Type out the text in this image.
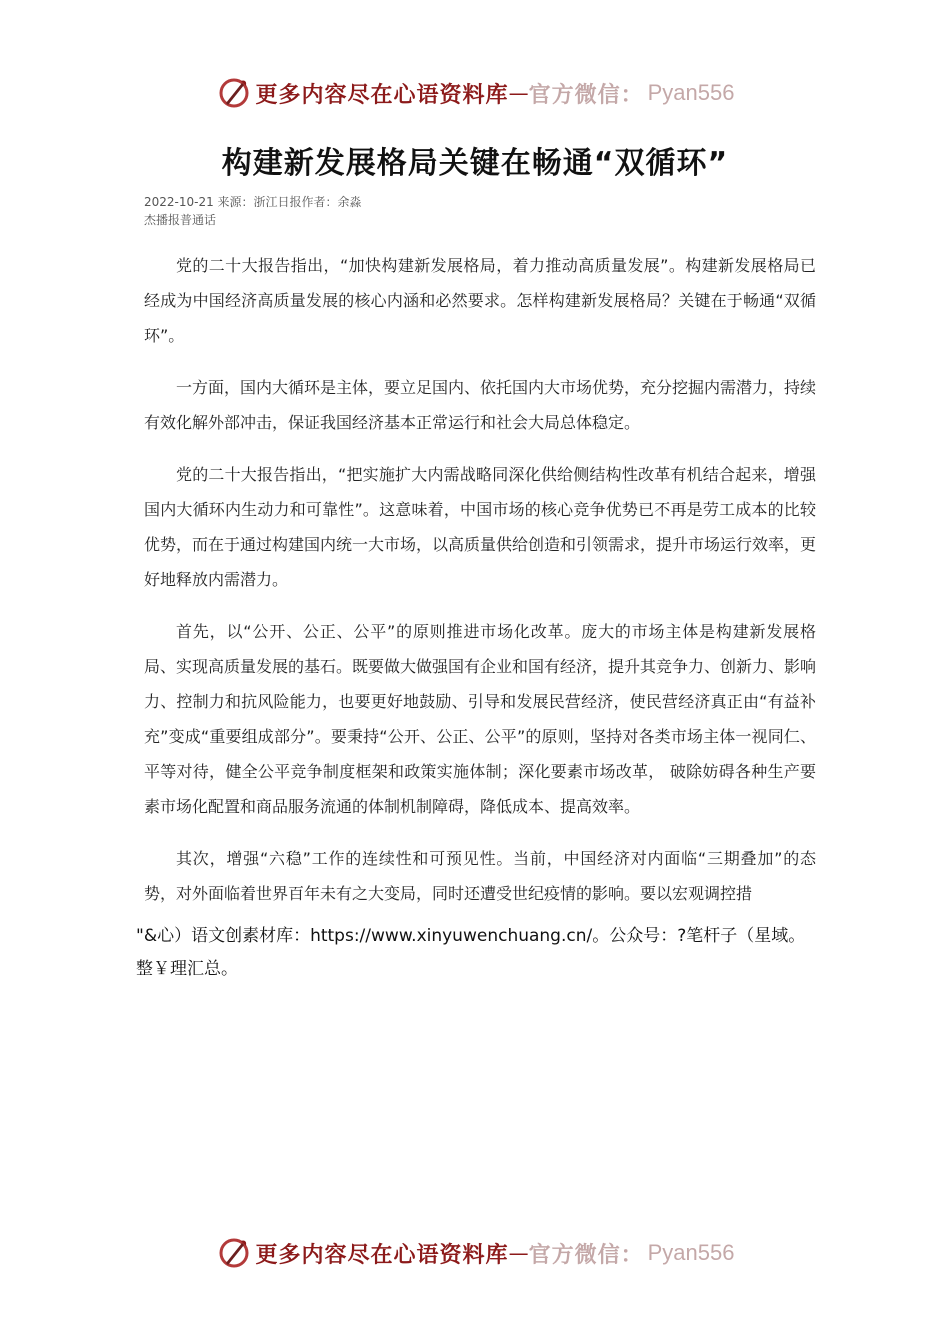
更多内容尽在心语资料库 — 官方微信： Pyan556
构建新发展格局关键在畅通“双循环”
2022-10-21 来源：浙江日报作者：余淼
杰播报普通话

党的二十大报告指出，“加快构建新发展格局，着力推动高质量发展”。构建新发展格局已经成为中国经济高质量发展的核心内涵和必然要求。怎样构建新发展格局？关键在于畅通“双循环”。

一方面，国内大循环是主体，要立足国内、依托国内大市场优势，充分挖掘内需潜力，持续有效化解外部冲击，保证我国经济基本正常运行和社会大局总体稳定。

党的二十大报告指出，“把实施扩大内需战略同深化供给侧结构性改革有机结合起来，增强国内大循环内生动力和可靠性”。这意味着，中国市场的核心竞争优势已不再是劳工成本的比较优势，而在于通过构建国内统一大市场，以高质量供给创造和引领需求，提升市场运行效率，更好地释放内需潜力。

首先，以“公开、公正、公平”的原则推进市场化改革。庞大的市场主体是构建新发展格局、实现高质量发展的基石。既要做大做强国有企业和国有经济，提升其竞争力、创新力、影响力、控制力和抗风险能力，也要更好地鼓励、引导和发展民营经济，使民营经济真正由“有益补充”变成“重要组成部分”。要秉持“公开、公正、公平”的原则，坚持对各类市场主体一视同仁、平等对待，健全公平竞争制度框架和政策实施体制；深化要素市场改革， 破除妨碍各种生产要素市场化配置和商品服务流通的体制机制障碍，降低成本、提高效率。

其次，增强“六稳”工作的连续性和可预见性。当前，中国经济对内面临“三期叠加”的态势，对外面临着世界百年未有之大变局，同时还遭受世纪疫情的影响。要以宏观调控措

"&心）语文创素材库：https://www.xinyuwenchuang.cn/。公众号：?笔杆子（星域。
整￥理汇总。
更多内容尽在心语资料库 — 官方微信： Pyan556
